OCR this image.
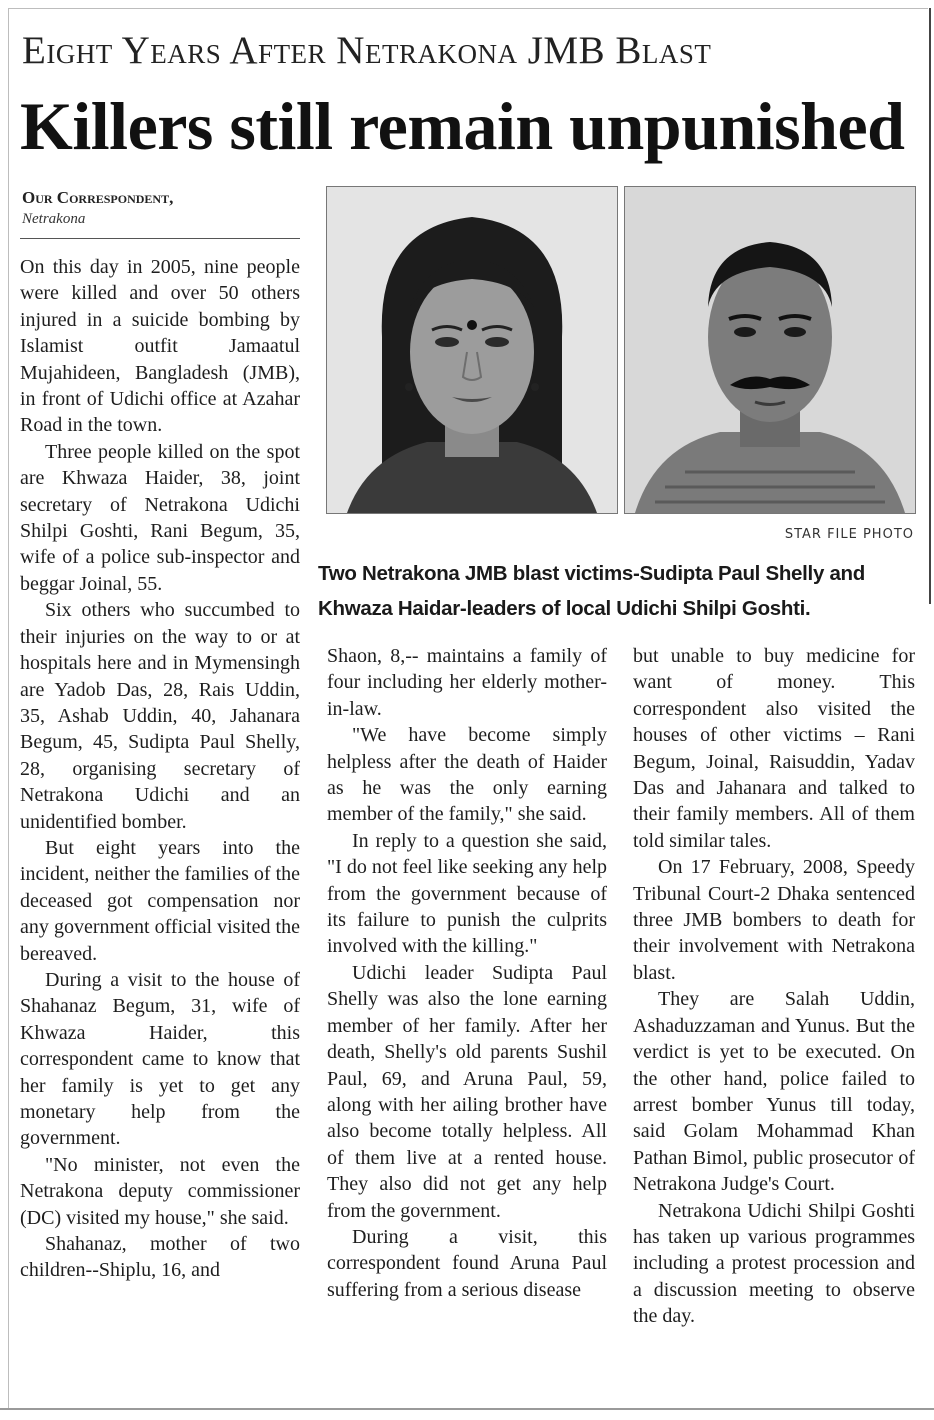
Eight Years After Netrakona JMB Blast
Killers still remain unpunished
Our Correspondent,
Netrakona
STAR FILE PHOTO
Two Netrakona JMB blast victims-Sudipta Paul Shelly and
Khwaza Haidar-leaders of local Udichi Shilpi Goshti.

On this day in 2005, nine people were killed and over 50 others injured in a suicide bombing by Islamist outfit Jamaatul Mujahideen, Bangladesh (JMB), in front of Udichi office at Azahar Road in the town.

Three people killed on the spot are Khwaza Haider, 38, joint secretary of Netrakona Udichi Shilpi Goshti, Rani Begum, 35, wife of a police sub-inspector and beggar Joinal, 55.

Six others who succumbed to their injuries on the way to or at hospitals here and in Mymensingh are Yadob Das, 28, Rais Uddin, 35, Ashab Uddin, 40, Jahanara Begum, 45, Sudipta Paul Shelly, 28, organising secretary of Netrakona Udichi and an unidentified bomber.

But eight years into the incident, neither the families of the deceased got compensation nor any government official visited the bereaved.

During a visit to the house of Shahanaz Begum, 31, wife of Khwaza Haider, this correspondent came to know that her family is yet to get any monetary help from the government.

"No minister, not even the Netrakona deputy commissioner (DC) visited my house," she said.

Shahanaz, mother of two children--Shiplu, 16, and

Shaon, 8,-- maintains a family of four including her elderly mother-in-law.

"We have become simply helpless after the death of Haider as he was the only earning member of the family," she said.

In reply to a question she said, "I do not feel like seeking any help from the government because of its failure to punish the culprits involved with the killing."

Udichi leader Sudipta Paul Shelly was also the lone earning member of her family. After her death, Shelly's old parents Sushil Paul, 69, and Aruna Paul, 59, along with her ailing brother have also become totally helpless. All of them live at a rented house. They also did not get any help from the government.

During a visit, this correspondent found Aruna Paul suffering from a serious disease

but unable to buy medicine for want of money. This correspondent also visited the houses of other victims – Rani Begum, Joinal, Raisuddin, Yadav Das and Jahanara and talked to their family members. All of them told similar tales.

On 17 February, 2008, Speedy Tribunal Court-2 Dhaka sentenced three JMB bombers to death for their involvement with Netrakona blast.

They are Salah Uddin, Ashaduzzaman and Yunus. But the verdict is yet to be executed. On the other hand, police failed to arrest bomber Yunus till today, said Golam Mohammad Khan Pathan Bimol, public prosecutor of Netrakona Judge's Court.

Netrakona Udichi Shilpi Goshti has taken up various programmes including a protest procession and a discussion meeting to observe the day.
